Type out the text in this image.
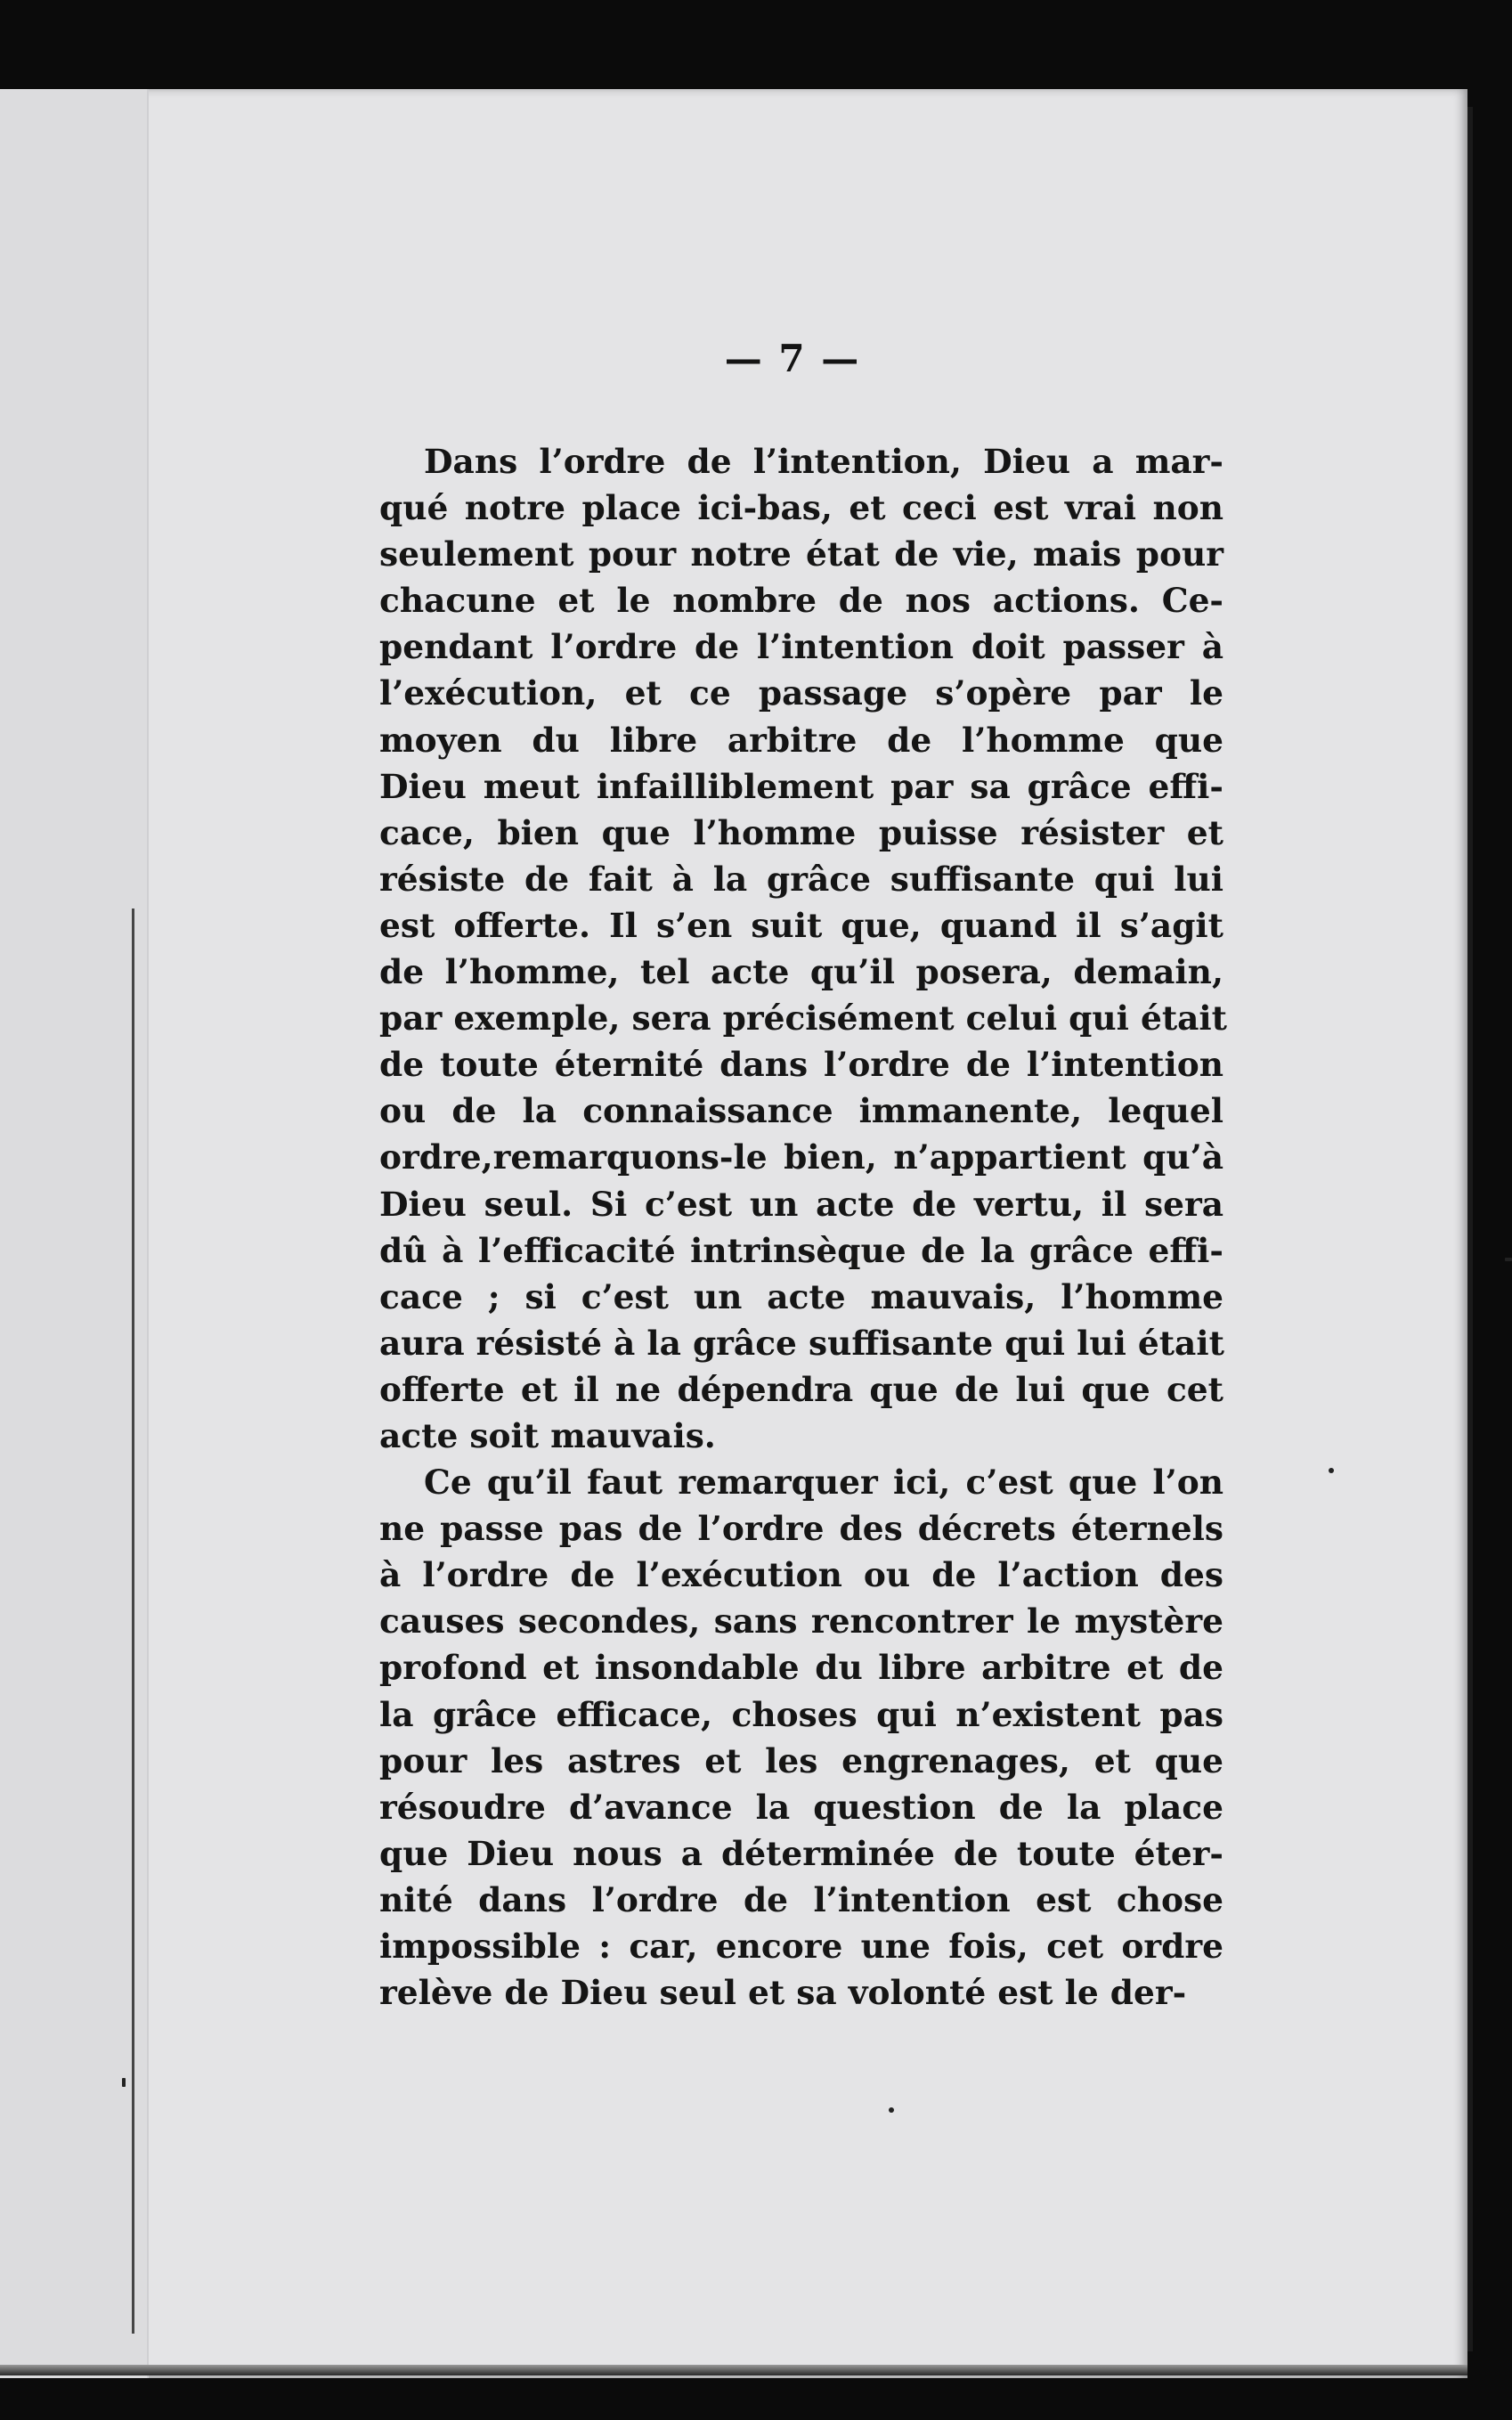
— 7 —

Dans l’ordre de l’intention, Dieu a mar-
qué notre place ici-bas, et ceci est vrai non
seulement pour notre état de vie, mais pour
chacune et le nombre de nos actions. Ce-
pendant l’ordre de l’intention doit passer à
l’exécution, et ce passage s’opère par le
moyen du libre arbitre de l’homme que
Dieu meut infailliblement par sa grâce effi-
cace, bien que l’homme puisse résister et
résiste de fait à la grâce suffisante qui lui
est offerte. Il s’en suit que, quand il s’agit
de l’homme, tel acte qu’il posera, demain,
par exemple, sera précisément celui qui était
de toute éternité dans l’ordre de l’intention
ou de la connaissance immanente, lequel
ordre,remarquons-le bien, n’appartient qu’à
Dieu seul. Si c’est un acte de vertu, il sera
dû à l’efficacité intrinsèque de la grâce effi-
cace ; si c’est un acte mauvais, l’homme
aura résisté à la grâce suffisante qui lui était
offerte et il ne dépendra que de lui que cet
acte soit mauvais.

Ce qu’il faut remarquer ici, c’est que l’on
ne passe pas de l’ordre des décrets éternels
à l’ordre de l’exécution ou de l’action des
causes secondes, sans rencontrer le mystère
profond et insondable du libre arbitre et de
la grâce efficace, choses qui n’existent pas
pour les astres et les engrenages, et que
résoudre d’avance la question de la place
que Dieu nous a déterminée de toute éter-
nité dans l’ordre de l’intention est chose
impossible : car, encore une fois, cet ordre
relève de Dieu seul et sa volonté est le der-
